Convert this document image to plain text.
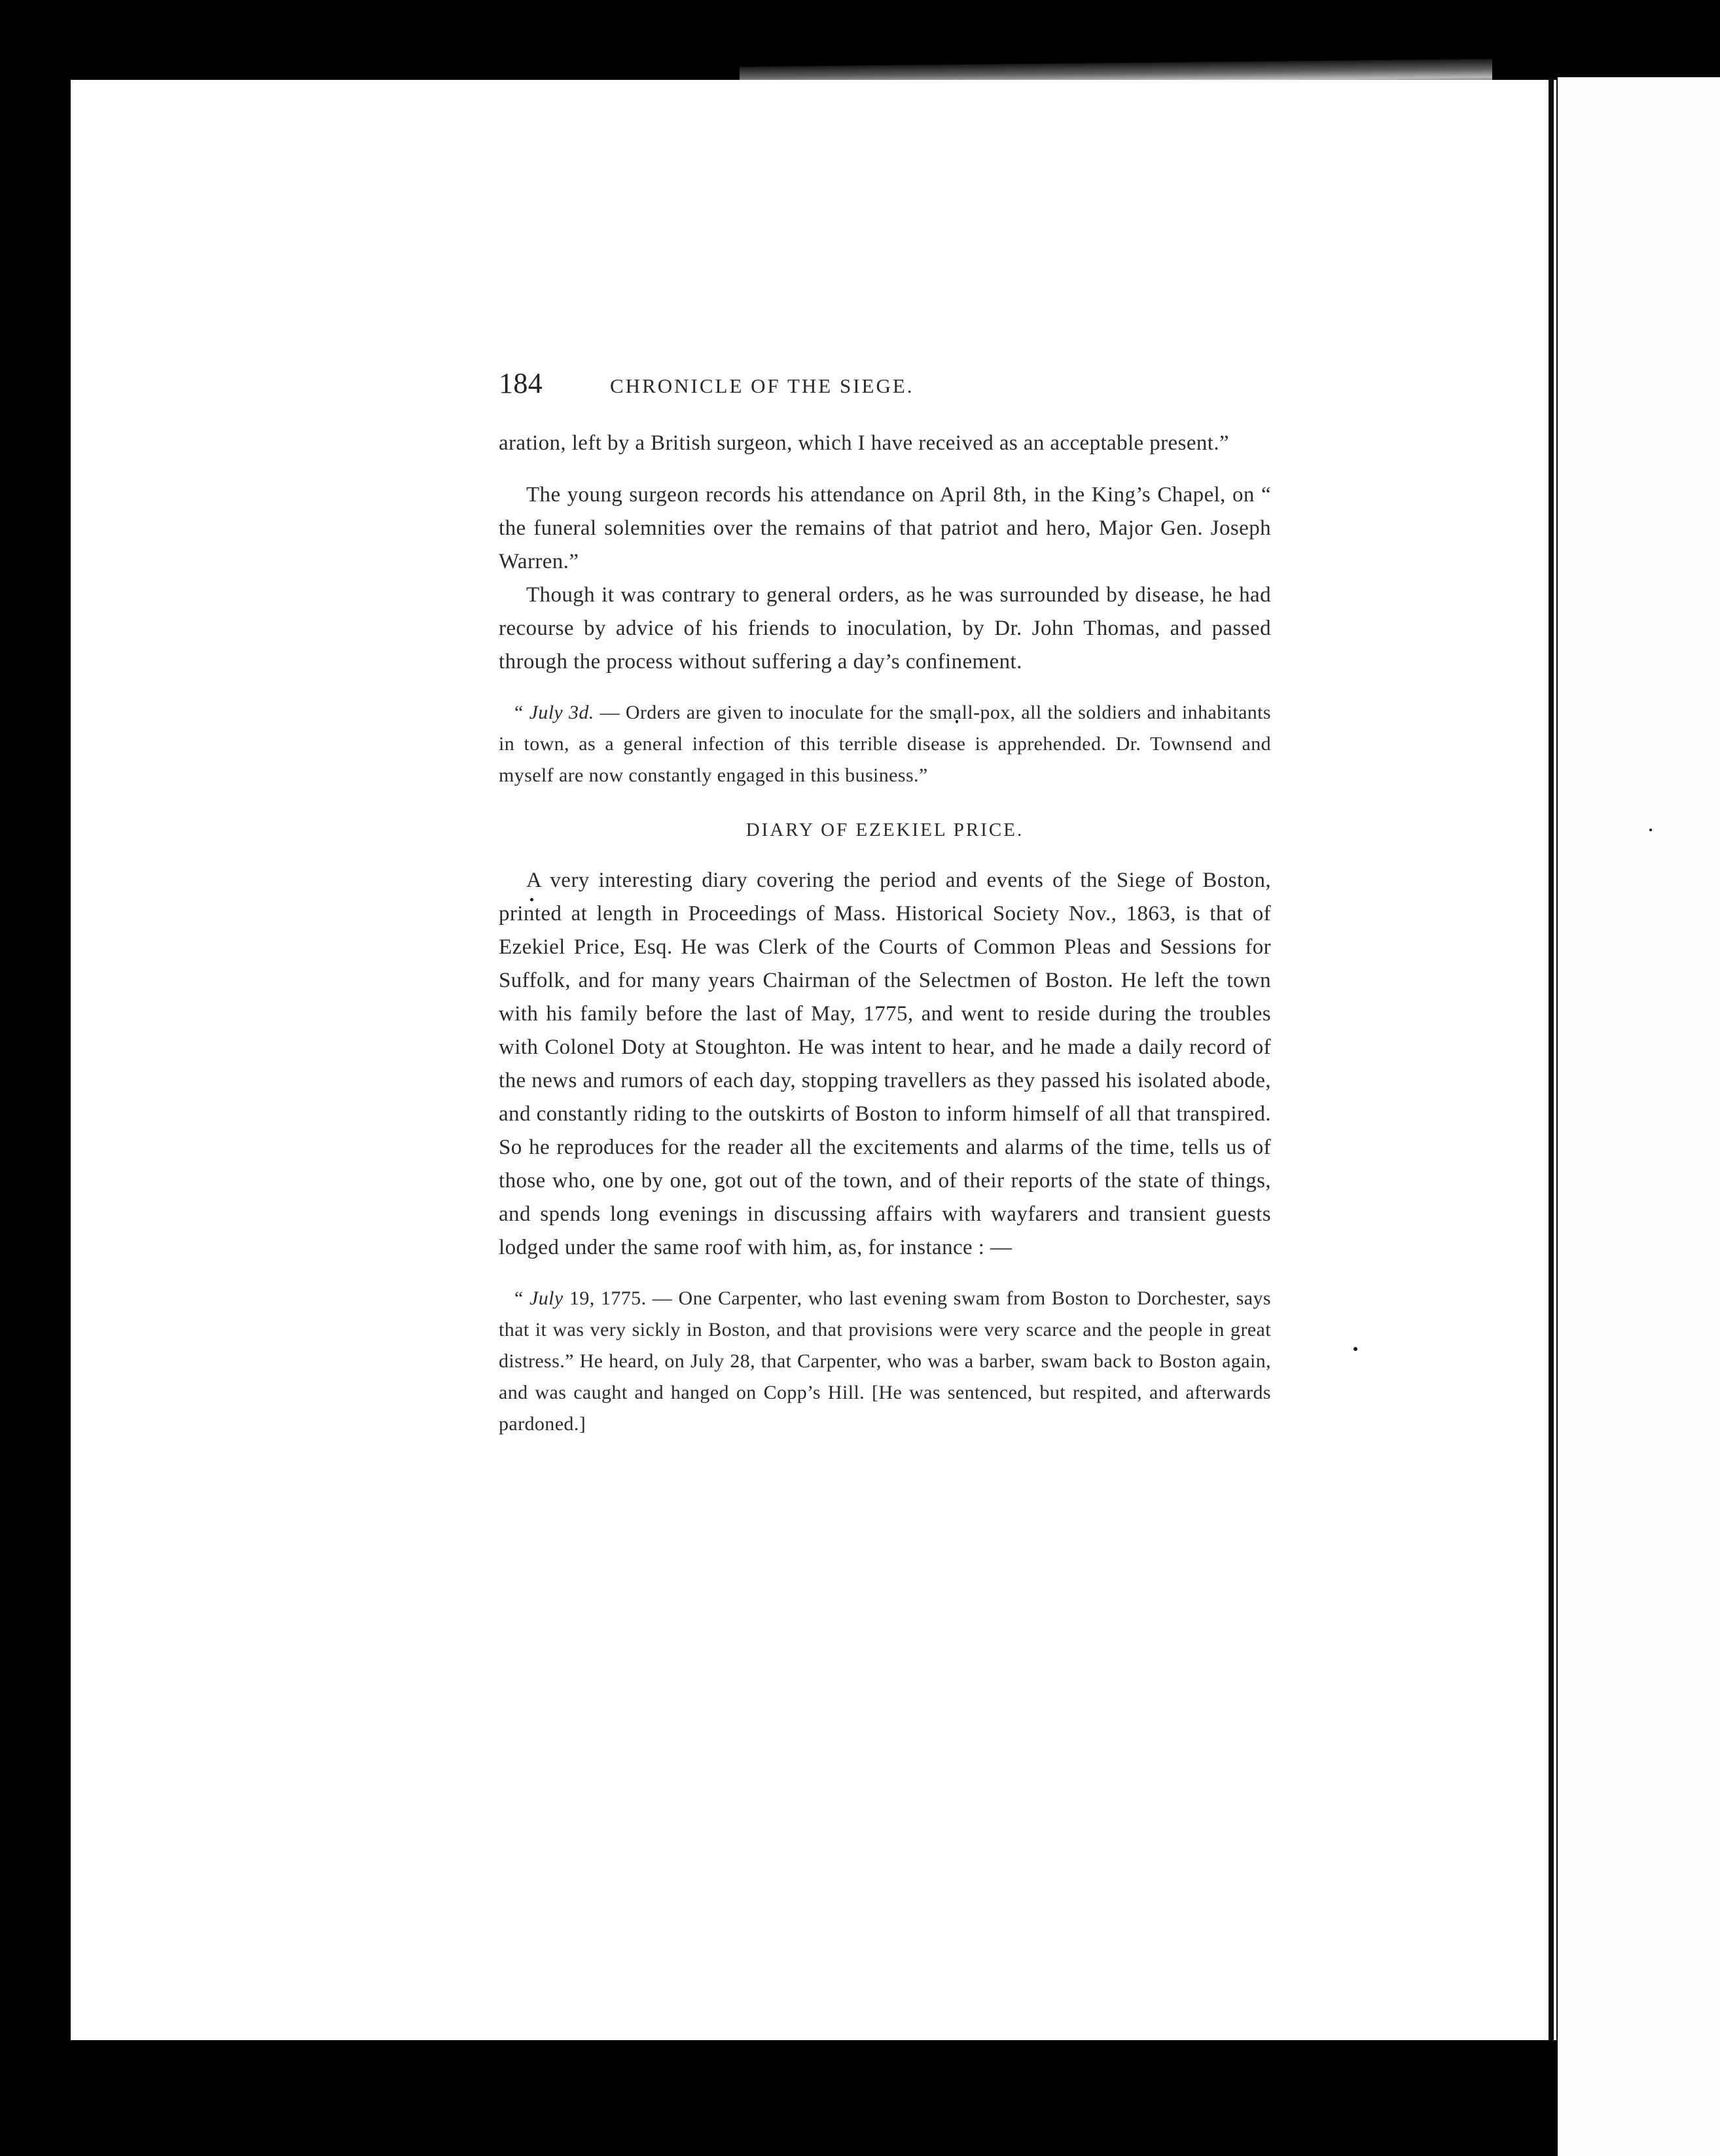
184	CHRONICLE OF THE SIEGE.

aration, left by a British surgeon, which I have received as an acceptable present.”

The young surgeon records his attendance on April 8th, in the King’s Chapel, on “ the funeral solemnities over the remains of that patriot and hero, Major Gen. Joseph Warren.”

Though it was contrary to general orders, as he was surrounded by disease, he had recourse by advice of his friends to inoculation, by Dr. John Thomas, and passed through the process without suffering a day’s confinement.

“ July 3d. — Orders are given to inoculate for the small-pox, all the soldiers and inhabitants in town, as a general infection of this terrible disease is apprehended. Dr. Townsend and myself are now constantly engaged in this business.”

DIARY OF EZEKIEL PRICE.

A very interesting diary covering the period and events of the Siege of Boston, printed at length in Proceedings of Mass. Historical Society Nov., 1863, is that of Ezekiel Price, Esq. He was Clerk of the Courts of Common Pleas and Sessions for Suffolk, and for many years Chairman of the Selectmen of Boston. He left the town with his family before the last of May, 1775, and went to reside during the troubles with Colonel Doty at Stoughton. He was intent to hear, and he made a daily record of the news and rumors of each day, stopping travellers as they passed his isolated abode, and constantly riding to the outskirts of Boston to inform himself of all that transpired. So he reproduces for the reader all the excitements and alarms of the time, tells us of those who, one by one, got out of the town, and of their reports of the state of things, and spends long evenings in discussing affairs with wayfarers and transient guests lodged under the same roof with him, as, for instance : —

“ July 19, 1775. — One Carpenter, who last evening swam from Boston to Dorchester, says that it was very sickly in Boston, and that provisions were very scarce and the people in great distress.” He heard, on July 28, that Carpenter, who was a barber, swam back to Boston again, and was caught and hanged on Copp’s Hill. [He was sentenced, but respited, and afterwards pardoned.]
